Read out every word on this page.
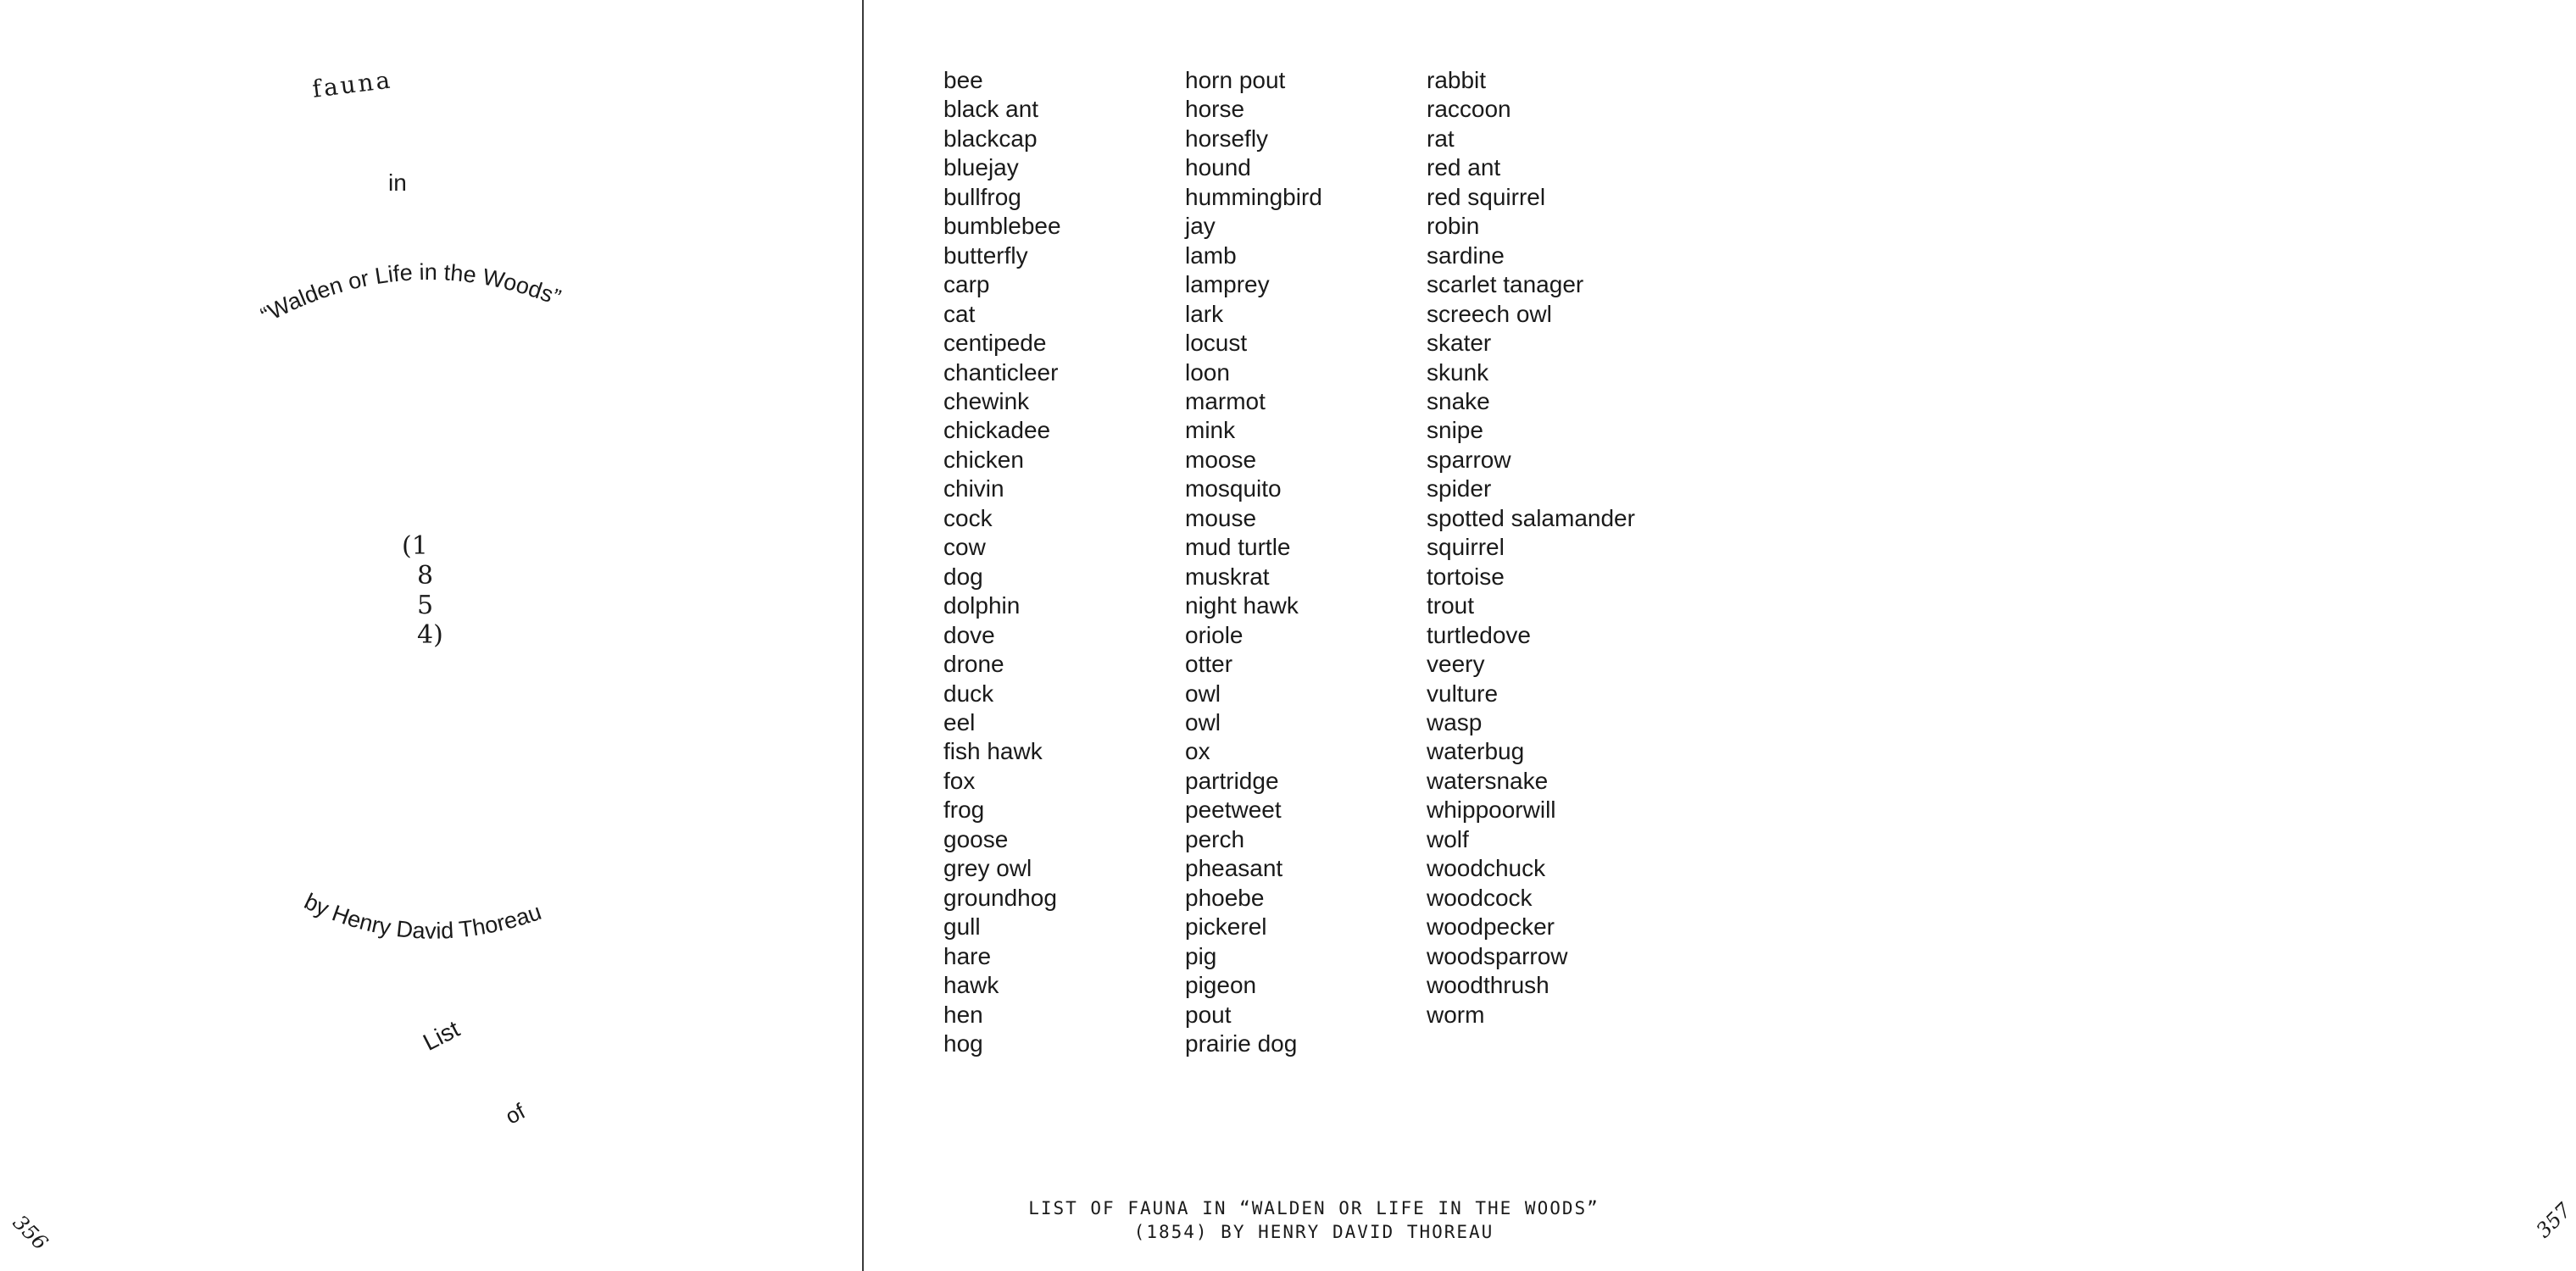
fauna
in
“Walden or Life in the Woods”
(1
8
5
4)
by Henry David Thoreau
List
of
356
bee
black ant
blackcap
bluejay
bullfrog
bumblebee
butterfly
carp
cat
centipede
chanticleer
chewink
chickadee
chicken
chivin
cock
cow
dog
dolphin
dove
drone
duck
eel
fish hawk
fox
frog
goose
grey owl
groundhog
gull
hare
hawk
hen
hog
horn pout
horse
horsefly
hound
hummingbird
jay
lamb
lamprey
lark
locust
loon
marmot
mink
moose
mosquito
mouse
mud turtle
muskrat
night hawk
oriole
otter
owl
owl
ox
partridge
peetweet
perch
pheasant
phoebe
pickerel
pig
pigeon
pout
prairie dog
rabbit
raccoon
rat
red ant
red squirrel
robin
sardine
scarlet tanager
screech owl
skater
skunk
snake
snipe
sparrow
spider
spotted salamander
squirrel
tortoise
trout
turtledove
veery
vulture
wasp
waterbug
watersnake
whippoorwill
wolf
woodchuck
woodcock
woodpecker
woodsparrow
woodthrush
worm
LIST OF FAUNA IN “WALDEN OR LIFE IN THE WOODS”
(1854) BY HENRY DAVID THOREAU	357
